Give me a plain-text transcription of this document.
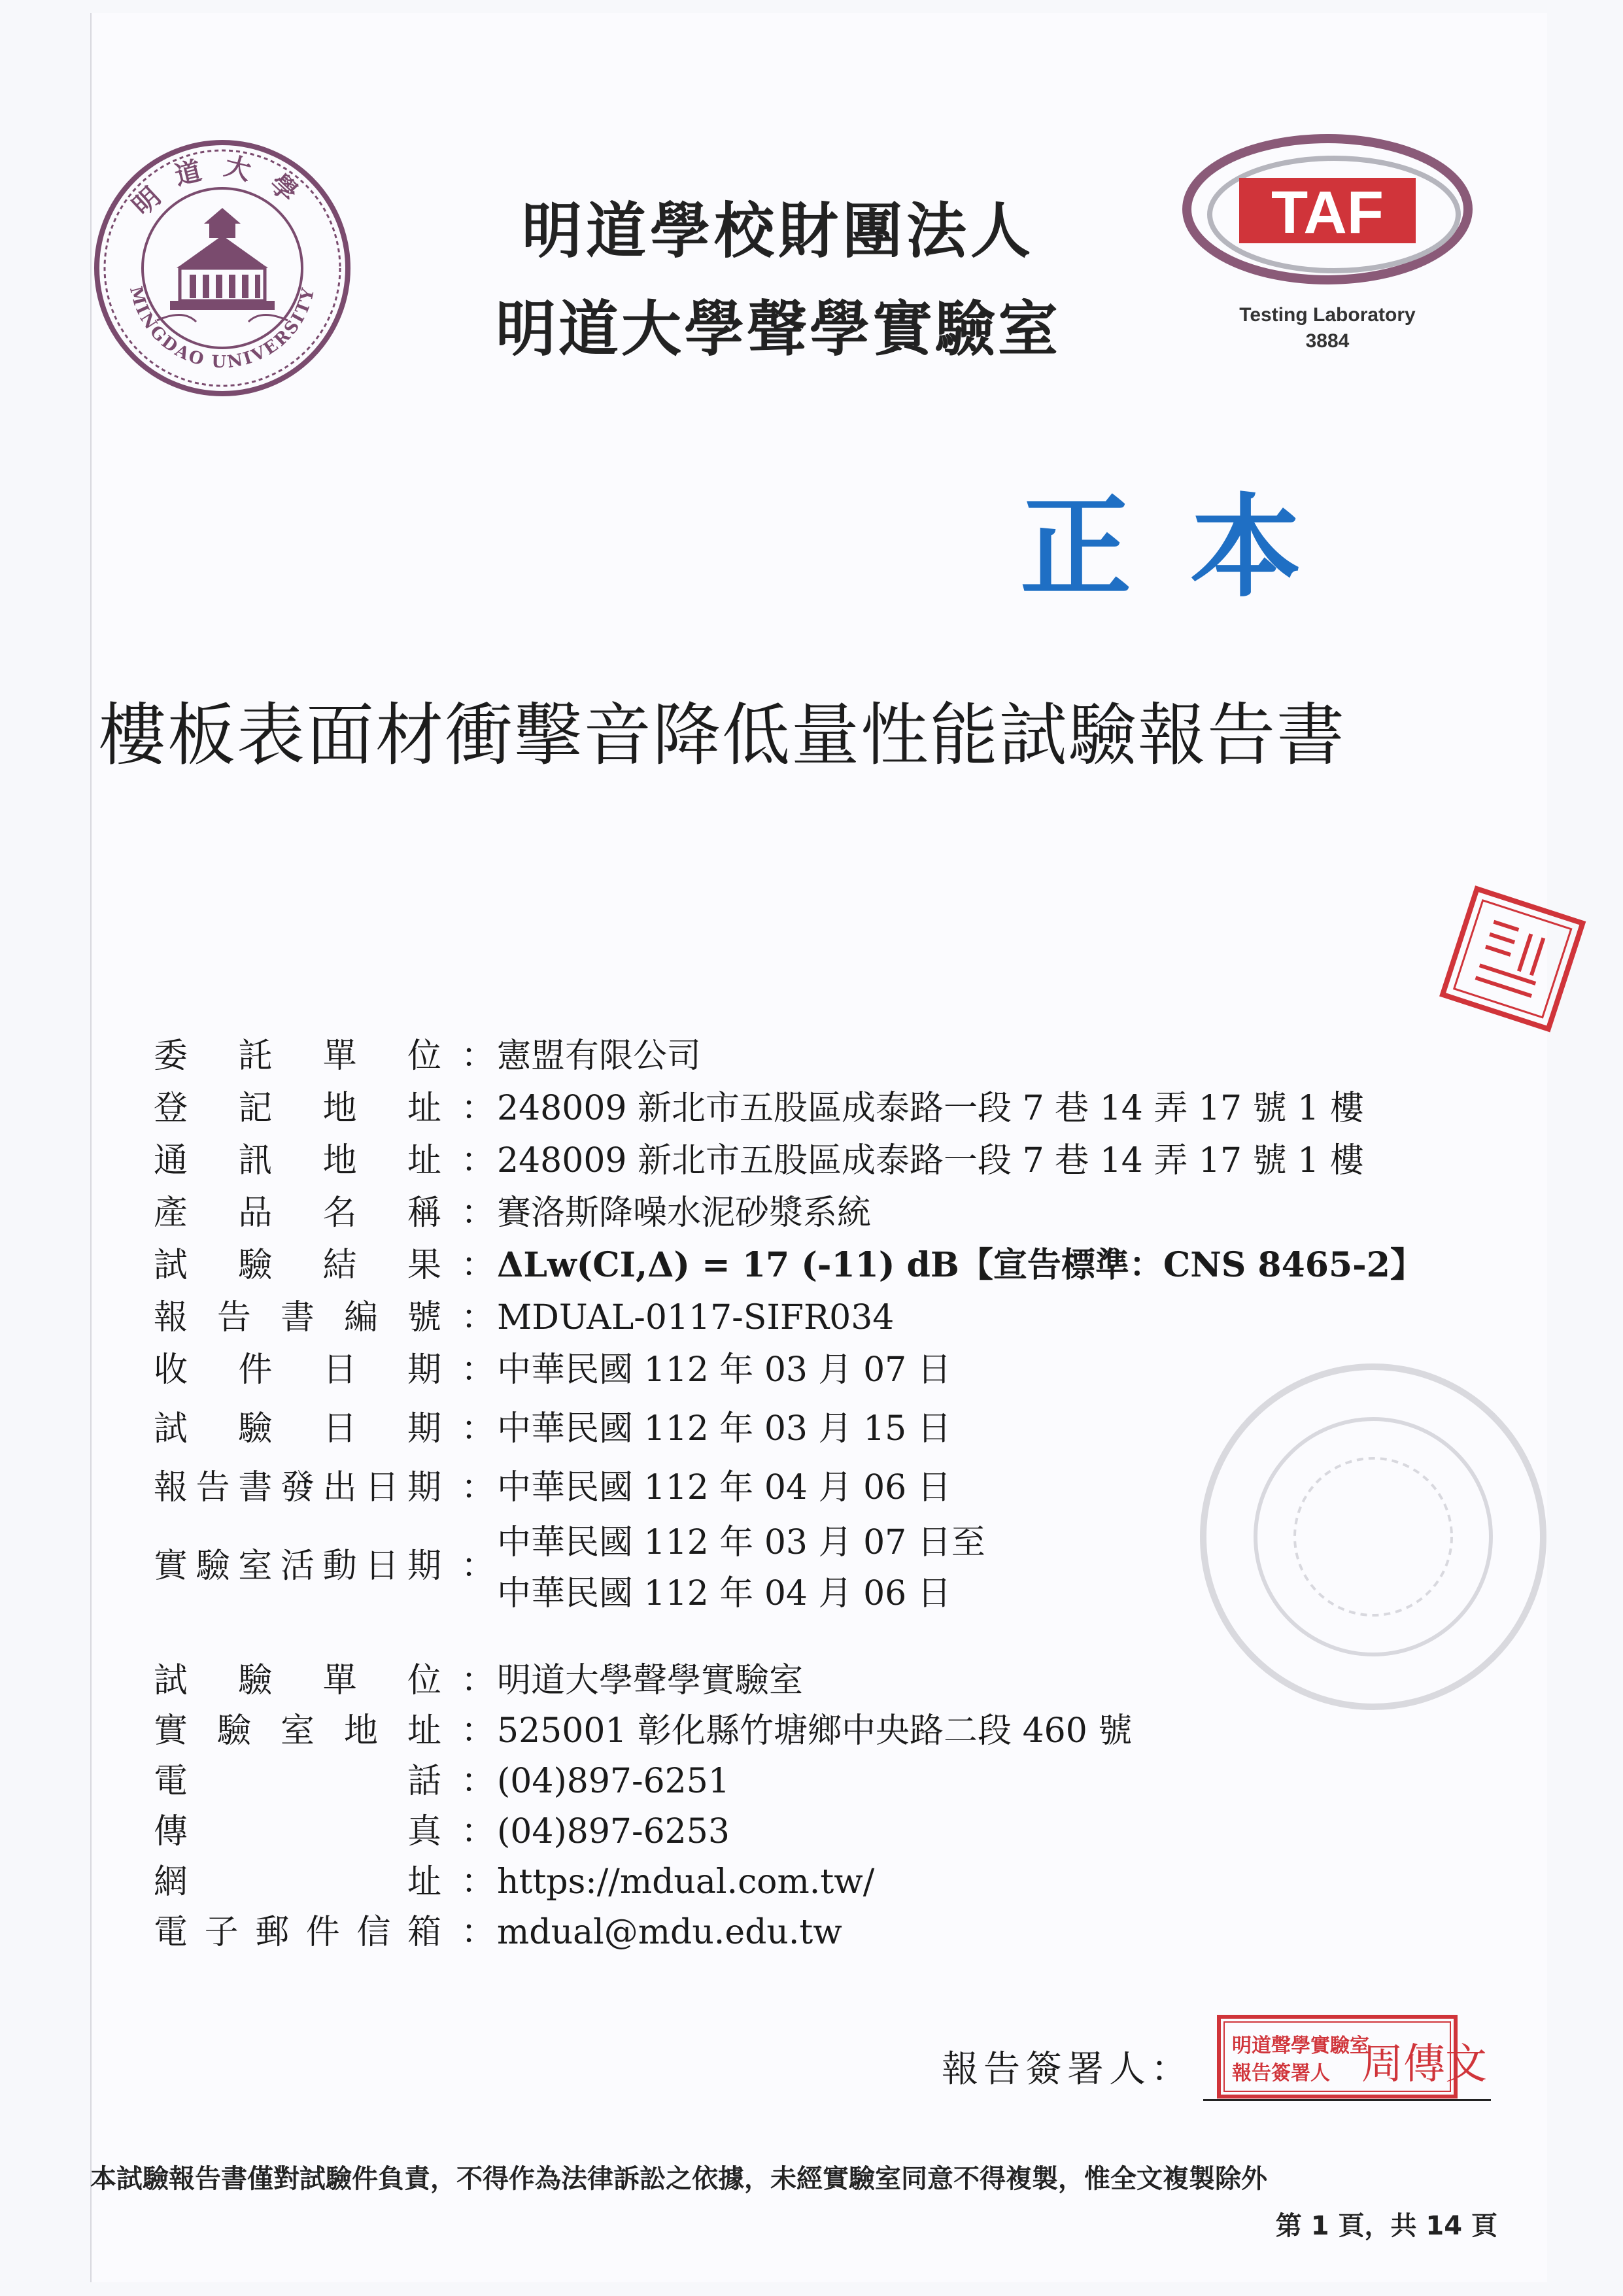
明道大學
MINGDAO UNIVERSITY
明道學校財團法人
明道大學聲學實驗室
TAF
Testing Laboratory
3884
正本
樓板表面材衝擊音降低量性能試驗報告書
委 託 單 位 ： 憲盟有限公司
登 記 地 址 ： 248009 新北市五股區成泰路一段 7 巷 14 弄 17 號 1 樓
通 訊 地 址 ： 248009 新北市五股區成泰路一段 7 巷 14 弄 17 號 1 樓
產 品 名 稱 ： 賽洛斯降噪水泥砂漿系統
試 驗 結 果 ： ΔLw(CI,Δ) = 17 (-11) dB【宣告標準：CNS 8465-2】
報 告 書 編 號 ： MDUAL-0117-SIFR034
收 件 日 期 ： 中華民國 112 年 03 月 07 日
試 驗 日 期 ： 中華民國 112 年 03 月 15 日
報 告 書 發 出 日 期 ： 中華民國 112 年 04 月 06 日
實 驗 室 活 動 日 期 ：
中華民國 112 年 03 月 07 日至
中華民國 112 年 04 月 06 日
試 驗 單 位 ： 明道大學聲學實驗室
實 驗 室 地 址 ： 525001 彰化縣竹塘鄉中央路二段 460 號
電	話 ： (04)897-6251
傳	真 ： (04)897-6253
網	址 ： https://mdual.com.tw/
電 子 郵 件 信 箱 ： mdual@mdu.edu.tw
報告簽署人：
明道聲學實驗室
報告簽署人 周傳文
本試驗報告書僅對試驗件負責，不得作為法律訴訟之依據，未經實驗室同意不得複製，惟全文複製除外
第 1 頁，共 14 頁
